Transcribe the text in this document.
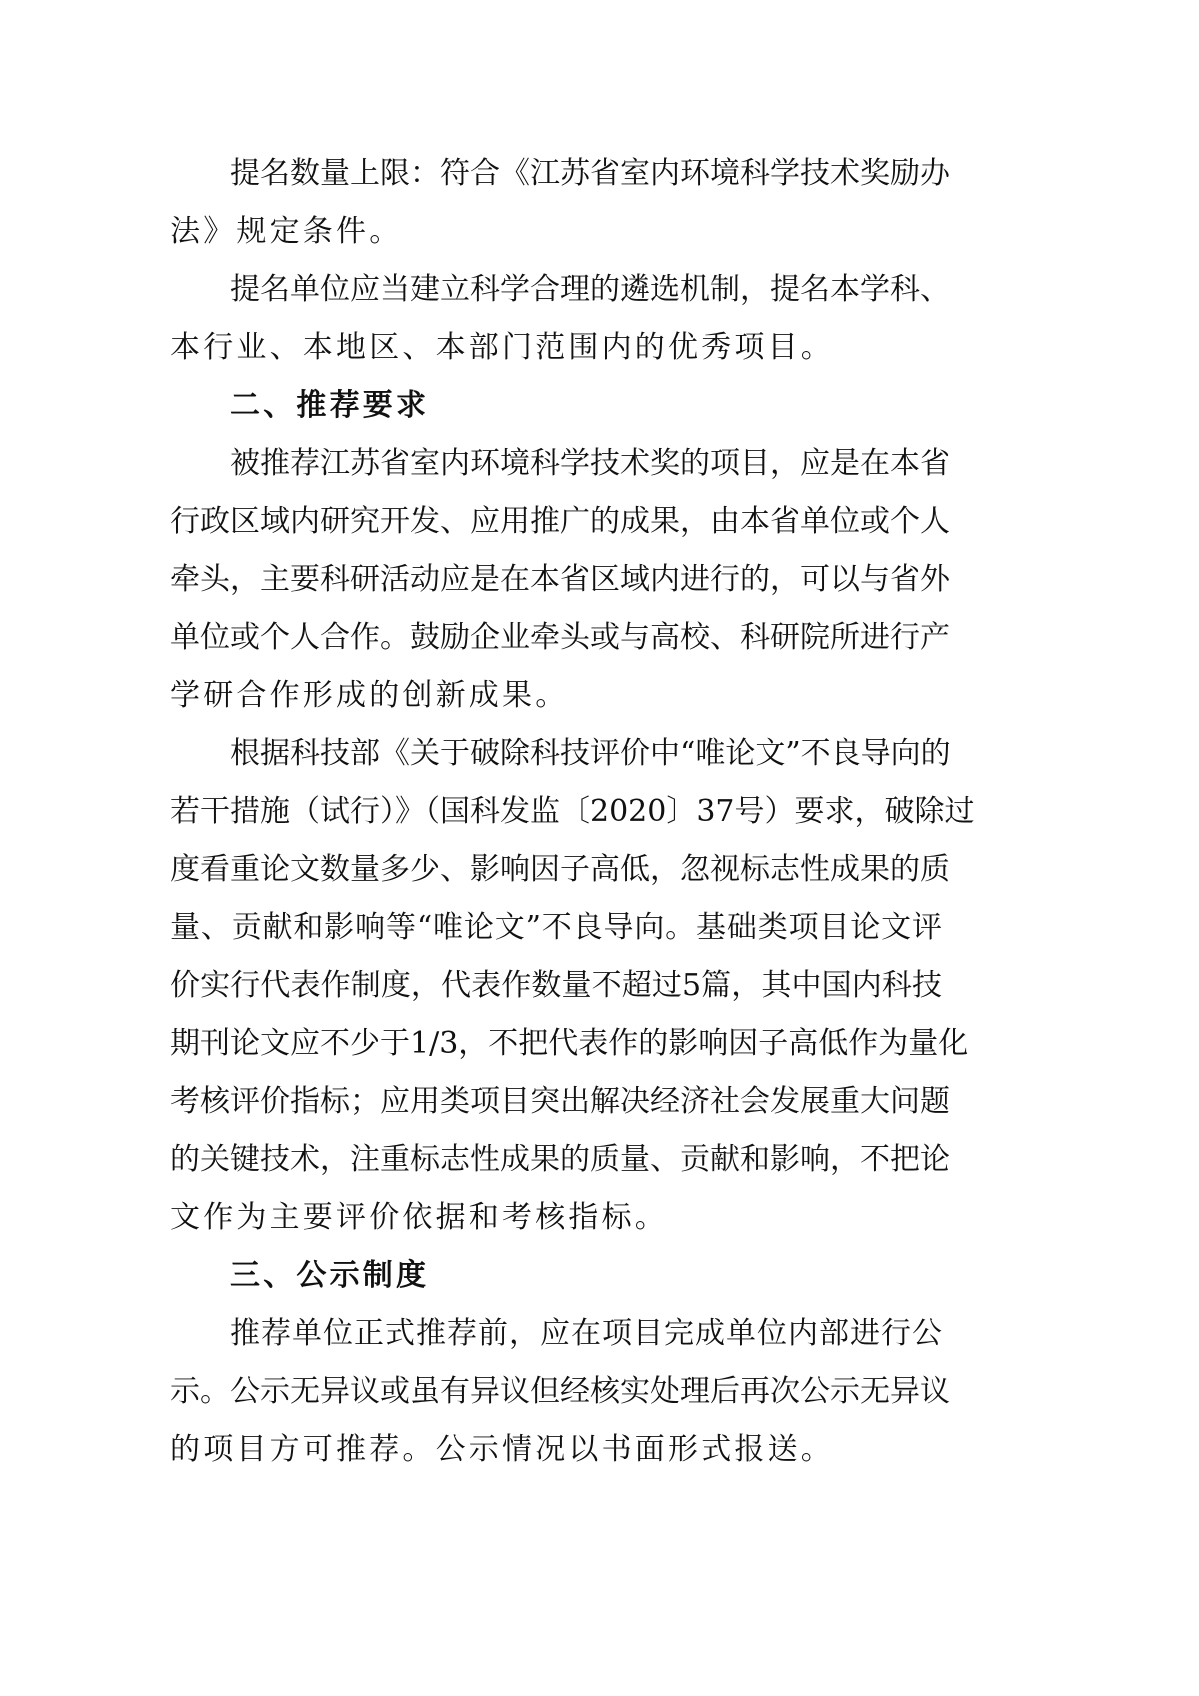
提名数量上限：符合《江苏省室内环境科学技术奖励办
法》规定条件。
提名单位应当建立科学合理的遴选机制，提名本学科、
本行业、本地区、本部门范围内的优秀项目。
二、推荐要求
被推荐江苏省室内环境科学技术奖的项目，应是在本省
行政区域内研究开发、应用推广的成果，由本省单位或个人
牵头，主要科研活动应是在本省区域内进行的，可以与省外
单位或个人合作。鼓励企业牵头或与高校、科研院所进行产
学研合作形成的创新成果。
根据科技部《关于破除科技评价中“唯论文”不良导向的
若干措施（试行）》（国科发监〔2020〕37号）要求，破除过
度看重论文数量多少、影响因子高低，忽视标志性成果的质
量、贡献和影响等“唯论文”不良导向。基础类项目论文评
价实行代表作制度，代表作数量不超过5篇，其中国内科技
期刊论文应不少于1/3，不把代表作的影响因子高低作为量化
考核评价指标；应用类项目突出解决经济社会发展重大问题
的关键技术，注重标志性成果的质量、贡献和影响，不把论
文作为主要评价依据和考核指标。
三、公示制度
推荐单位正式推荐前，应在项目完成单位内部进行公
示。公示无异议或虽有异议但经核实处理后再次公示无异议
的项目方可推荐。公示情况以书面形式报送。
